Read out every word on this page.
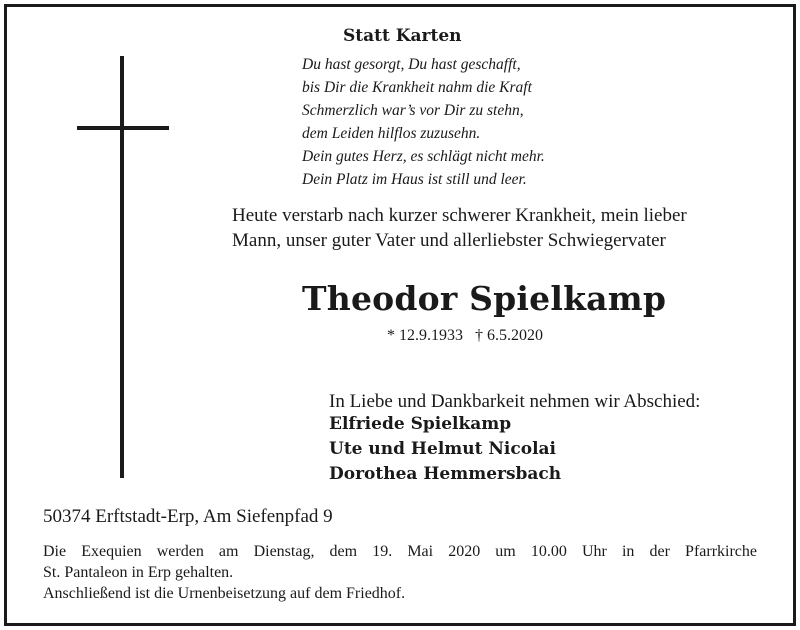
Statt Karten
Du hast gesorgt, Du hast geschafft,
bis Dir die Krankheit nahm die Kraft
Schmerzlich war’s vor Dir zu stehn,
dem Leiden hilflos zuzusehn.
Dein gutes Herz, es schlägt nicht mehr.
Dein Platz im Haus ist still und leer.
Heute verstarb nach kurzer schwerer Krankheit, mein lieber
Mann, unser guter Vater und allerliebster Schwiegervater
Theodor Spielkamp
* 12.9.1933 † 6.5.2020
In Liebe und Dankbarkeit nehmen wir Abschied:
Elfriede Spielkamp
Ute und Helmut Nicolai
Dorothea Hemmersbach
50374 Erftstadt-Erp, Am Siefenpfad 9
Die Exequien werden am Dienstag, dem 19. Mai 2020 um 10.00 Uhr in der Pfarrkirche
St. Pantaleon in Erp gehalten.
Anschließend ist die Urnenbeisetzung auf dem Friedhof.
